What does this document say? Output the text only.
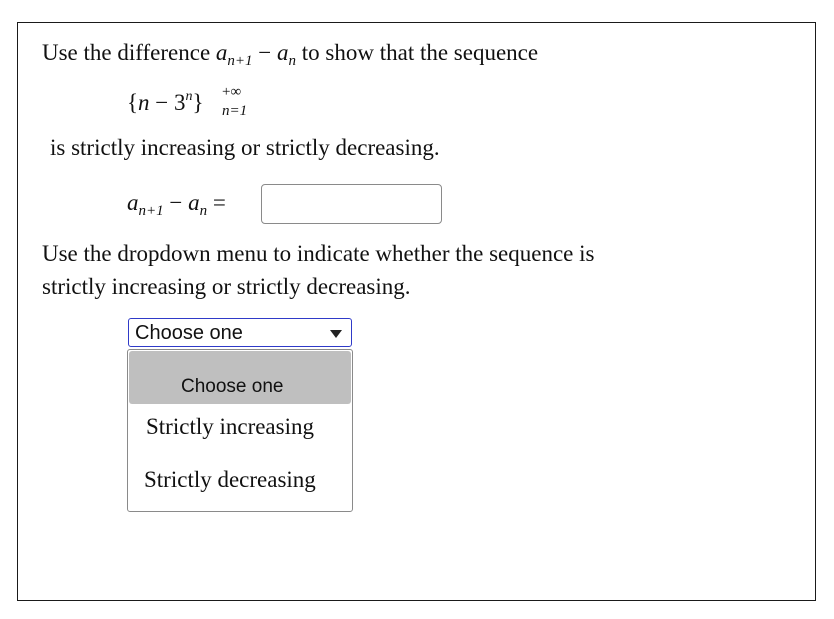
Use the difference $a_{n+1} - a_n$ to show that the sequence
$\{n - 3^n\}$ +∞
n=1
is strictly increasing or strictly decreasing.
$a_{n+1} - a_n$ =
Use the dropdown menu to indicate whether the sequence is
strictly increasing or strictly decreasing.
Choose one
Choose one
Strictly increasing
Strictly decreasing
